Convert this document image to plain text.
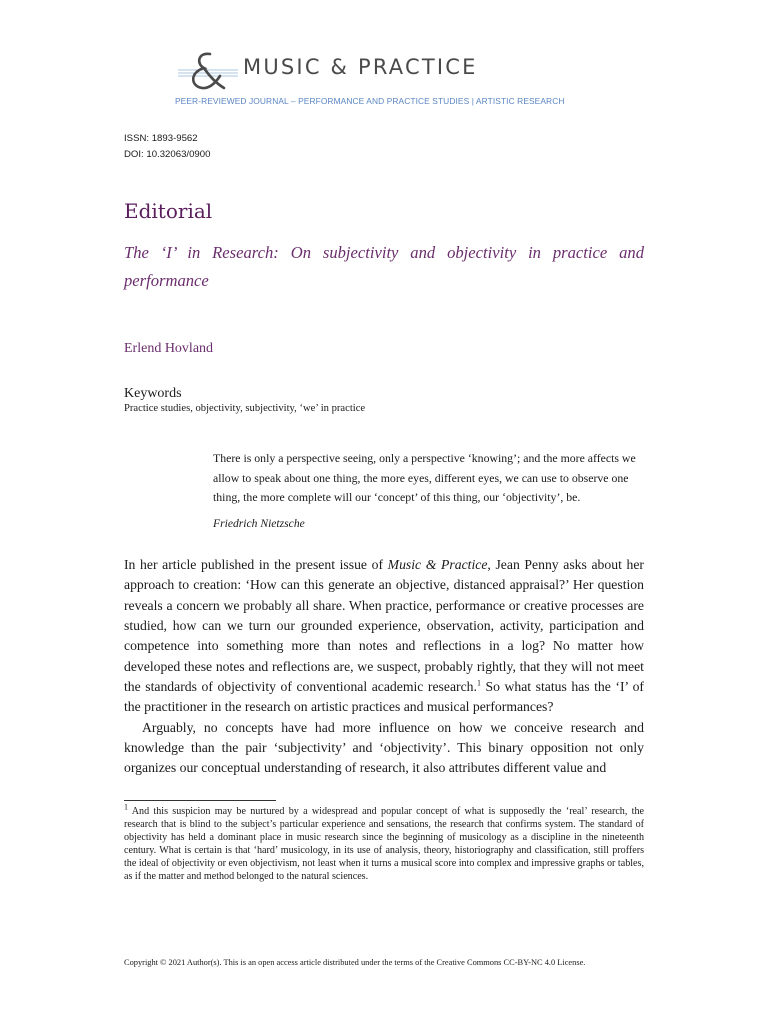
MUSIC & PRACTICE
PEER-REVIEWED JOURNAL – PERFORMANCE AND PRACTICE STUDIES | ARTISTIC RESEARCH
ISSN: 1893-9562
DOI: 10.32063/0900
Editorial
The ‘I’ in Research: On subjectivity and objectivity in practice and performance
Erlend Hovland
Keywords
Practice studies, objectivity, subjectivity, ‘we’ in practice
There is only a perspective seeing, only a perspective ‘knowing’; and the more affects we allow to speak about one thing, the more eyes, different eyes, we can use to observe one thing, the more complete will our ‘concept’ of this thing, our ‘objectivity’, be.
Friedrich Nietzsche

In her article published in the present issue of Music & Practice, Jean Penny asks about her approach to creation: ‘How can this generate an objective, distanced appraisal?’ Her question reveals a concern we probably all share. When practice, performance or creative processes are studied, how can we turn our grounded experience, observation, activity, participation and competence into something more than notes and reflections in a log? No matter how developed these notes and reflections are, we suspect, probably rightly, that they will not meet the standards of objectivity of conventional academic research.$^1$ So what status has the ‘I’ of the practitioner in the research on artistic practices and musical performances?

Arguably, no concepts have had more influence on how we conceive research and knowledge than the pair ‘subjectivity’ and ‘objectivity’. This binary opposition not only organizes our conceptual understanding of research, it also attributes different value and

$^1$ And this suspicion may be nurtured by a widespread and popular concept of what is supposedly the ‘real’ research, the research that is blind to the subject’s particular experience and sensations, the research that confirms system. The standard of objectivity has held a dominant place in music research since the beginning of musicology as a discipline in the nineteenth century. What is certain is that ‘hard’ musicology, in its use of analysis, theory, historiography and classification, still proffers the ideal of objectivity or even objectivism, not least when it turns a musical score into complex and impressive graphs or tables, as if the matter and method belonged to the natural sciences.
Copyright © 2021 Author(s). This is an open access article distributed under the terms of the Creative Commons CC-BY-NC 4.0 License.
